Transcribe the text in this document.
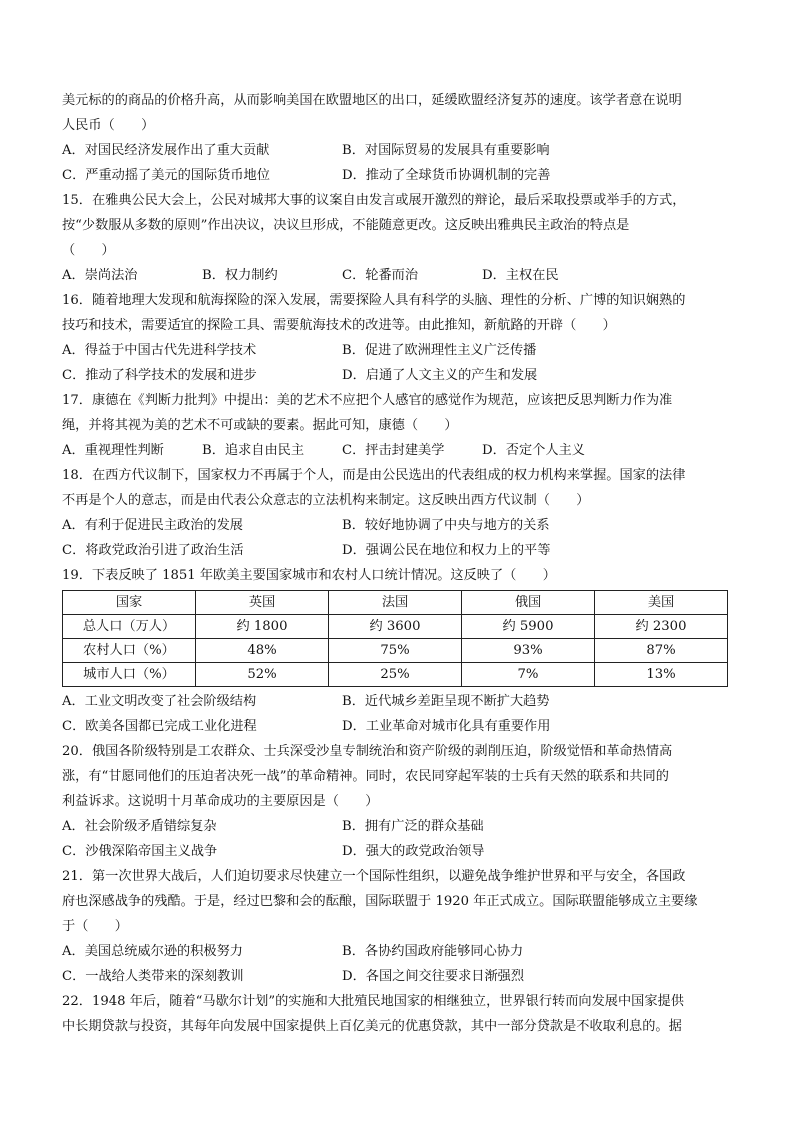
美元标的的商品的价格升高，从而影响美国在欧盟地区的出口，延缓欧盟经济复苏的速度。该学者意在说明
人民币（　　）
A．对国民经济发展作出了重大贡献	B．对国际贸易的发展具有重要影响
C．严重动摇了美元的国际货币地位	D．推动了全球货币协调机制的完善
15．在雅典公民大会上，公民对城邦大事的议案自由发言或展开激烈的辩论，最后采取投票或举手的方式，
按“少数服从多数的原则”作出决议，决议旦形成，不能随意更改。这反映出雅典民主政治的特点是
（　　）
A．崇尚法治	B．权力制约	C．轮番而治	D．主权在民
16．随着地理大发现和航海探险的深入发展，需要探险人具有科学的头脑、理性的分析、广博的知识娴熟的
技巧和技术，需要适宜的探险工具、需要航海技术的改进等。由此推知，新航路的开辟（　　）
A．得益于中国古代先进科学技术	B．促进了欧洲理性主义广泛传播
C．推动了科学技术的发展和进步	D．启通了人文主义的产生和发展
17．康德在《判断力批判》中提出：美的艺术不应把个人感官的感觉作为规范，应该把反思判断力作为准
绳，并将其视为美的艺术不可或缺的要素。据此可知，康德（　　）
A．重视理性判断	B．追求自由民主	C．抨击封建美学	D．否定个人主义
18．在西方代议制下，国家权力不再属于个人，而是由公民选出的代表组成的权力机构来掌握。国家的法律
不再是个人的意志，而是由代表公众意志的立法机构来制定。这反映出西方代议制（　　）
A．有利于促进民主政治的发展	B．较好地协调了中央与地方的关系
C．将政党政治引进了政治生活	D．强调公民在地位和权力上的平等
19．下表反映了 1851 年欧美主要国家城市和农村人口统计情况。这反映了（　　）
国家	英国	法国	俄国	美国
总人口（万人）	约 1800	约 3600	约 5900	约 2300
农村人口（%）	48%	75%	93%	87%
城市人口（%）	52%	25%	7%	13%
A．工业文明改变了社会阶级结构	B．近代城乡差距呈现不断扩大趋势
C．欧美各国都已完成工业化进程	D．工业革命对城市化具有重要作用
20．俄国各阶级特别是工农群众、士兵深受沙皇专制统治和资产阶级的剥削压迫，阶级觉悟和革命热情高
涨，有“甘愿同他们的压迫者决死一战”的革命精神。同时，农民同穿起军装的士兵有天然的联系和共同的
利益诉求。这说明十月革命成功的主要原因是（　　）
A．社会阶级矛盾错综复杂	B．拥有广泛的群众基础
C．沙俄深陷帝国主义战争	D．强大的政党政治领导
21．第一次世界大战后，人们迫切要求尽快建立一个国际性组织，以避免战争维护世界和平与安全，各国政
府也深感战争的残酷。于是，经过巴黎和会的酝酿，国际联盟于 1920 年正式成立。国际联盟能够成立主要缘
于（　　）
A．美国总统威尔逊的积极努力	B．各协约国政府能够同心协力
C．一战给人类带来的深刻教训	D．各国之间交往要求日渐强烈
22．1948 年后，随着“马歇尔计划”的实施和大批殖民地国家的相继独立，世界银行转而向发展中国家提供
中长期贷款与投资，其每年向发展中国家提供上百亿美元的优惠贷款，其中一部分贷款是不收取利息的。据
